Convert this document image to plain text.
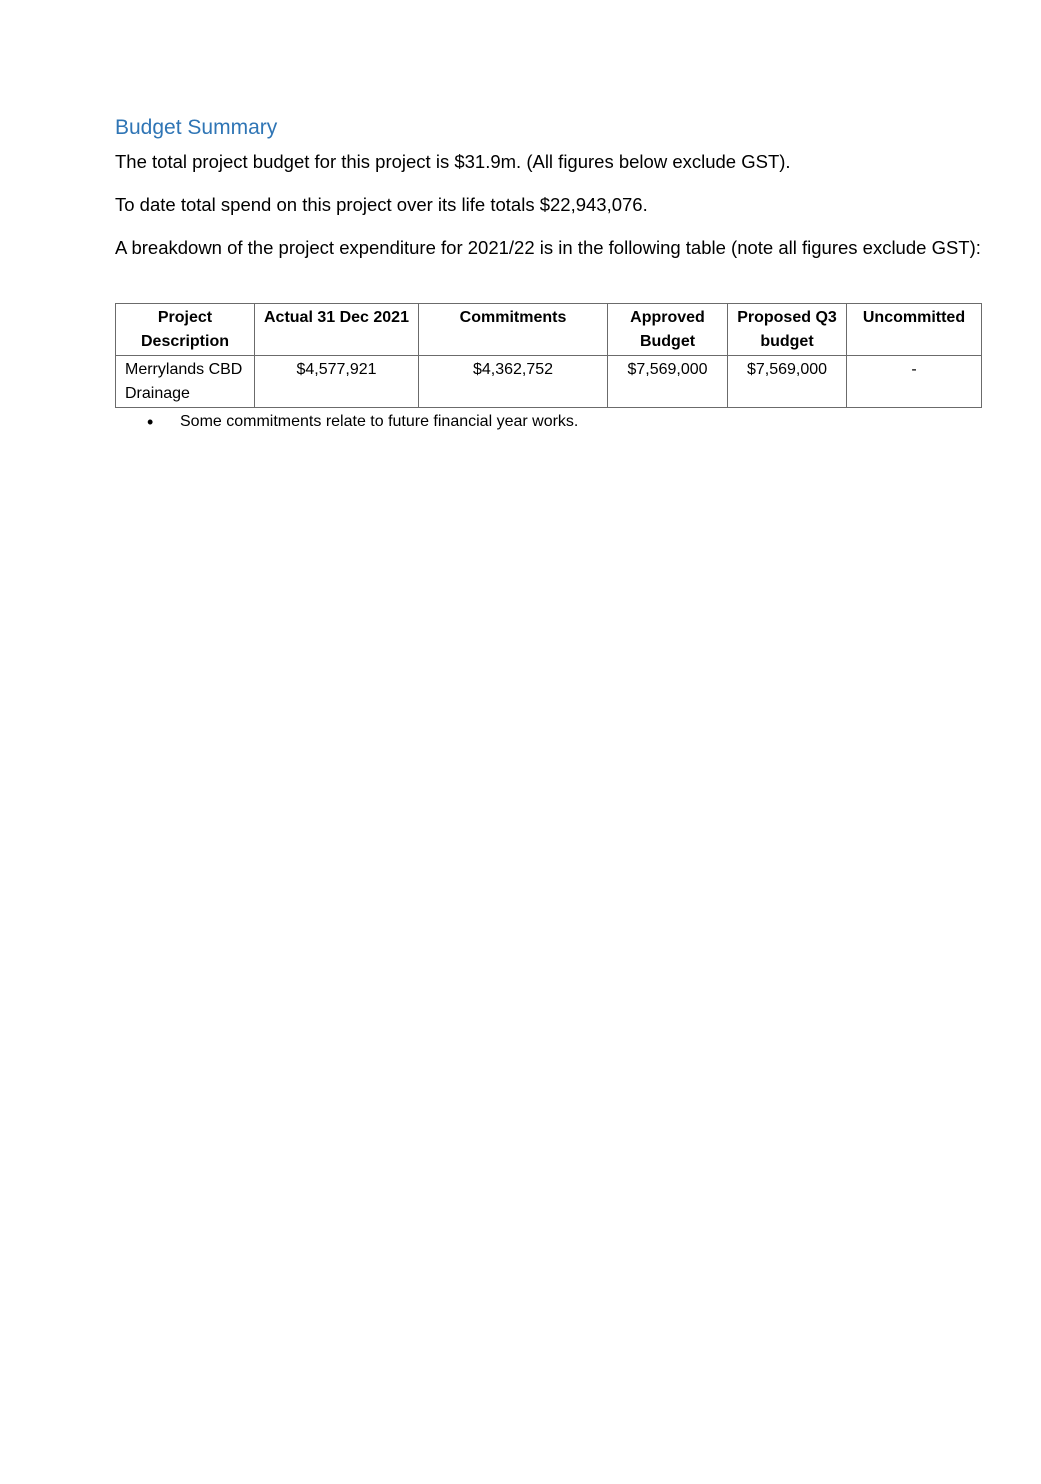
Budget Summary

The total project budget for this project is $31.9m. (All figures below exclude GST).

To date total spend on this project over its life totals $22,943,076.

A breakdown of the project expenditure for 2021/22 is in the following table (note all figures exclude GST):

Project Description	Actual 31 Dec 2021	Commitments	Approved Budget	Proposed Q3 budget	Uncommitted
Merrylands CBD Drainage	$4,577,921	$4,362,752	$7,569,000	$7,569,000	-
• Some commitments relate to future financial year works.
